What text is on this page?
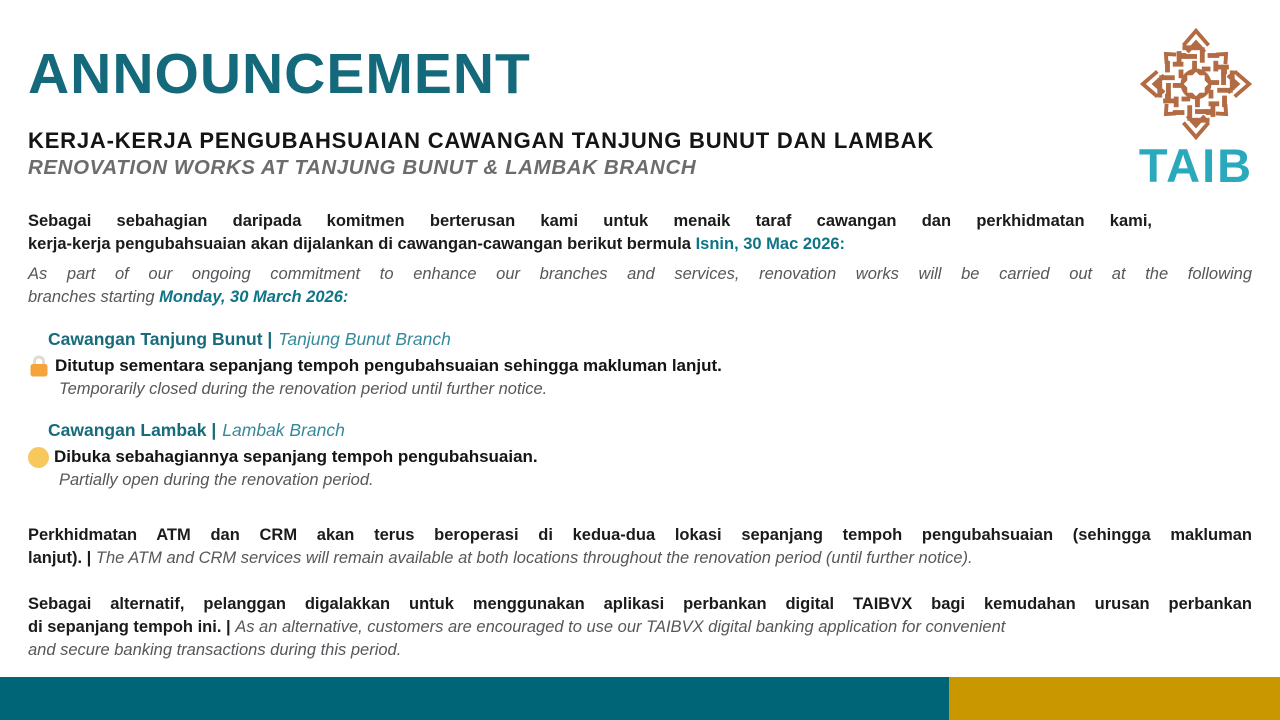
TAIB
ANNOUNCEMENT
KERJA-KERJA PENGUBAHSUAIAN CAWANGAN TANJUNG BUNUT DAN LAMBAK
RENOVATION WORKS AT TANJUNG BUNUT & LAMBAK BRANCH

Sebagai sebahagian daripada komitmen berterusan kami untuk menaik taraf cawangan dan perkhidmatan kami,
kerja-kerja pengubahsuaian akan dijalankan di cawangan-cawangan berikut bermula Isnin, 30 Mac 2026:

As part of our ongoing commitment to enhance our branches and services, renovation works will be carried out at the following
branches starting Monday, 30 March 2026:

Cawangan Tanjung Bunut | Tanjung Bunut Branch
Ditutup sementara sepanjang tempoh pengubahsuaian sehingga makluman lanjut.
Temporarily closed during the renovation period until further notice.
Cawangan Lambak | Lambak Branch
Dibuka sebahagiannya sepanjang tempoh pengubahsuaian.
Partially open during the renovation period.

Perkhidmatan ATM dan CRM akan terus beroperasi di kedua-dua lokasi sepanjang tempoh pengubahsuaian (sehingga makluman
lanjut). | The ATM and CRM services will remain available at both locations throughout the renovation period (until further notice).

Sebagai alternatif, pelanggan digalakkan untuk menggunakan aplikasi perbankan digital TAIBVX bagi kemudahan urusan perbankan
di sepanjang tempoh ini. | As an alternative, customers are encouraged to use our TAIBVX digital banking application for convenient
and secure banking transactions during this period.
